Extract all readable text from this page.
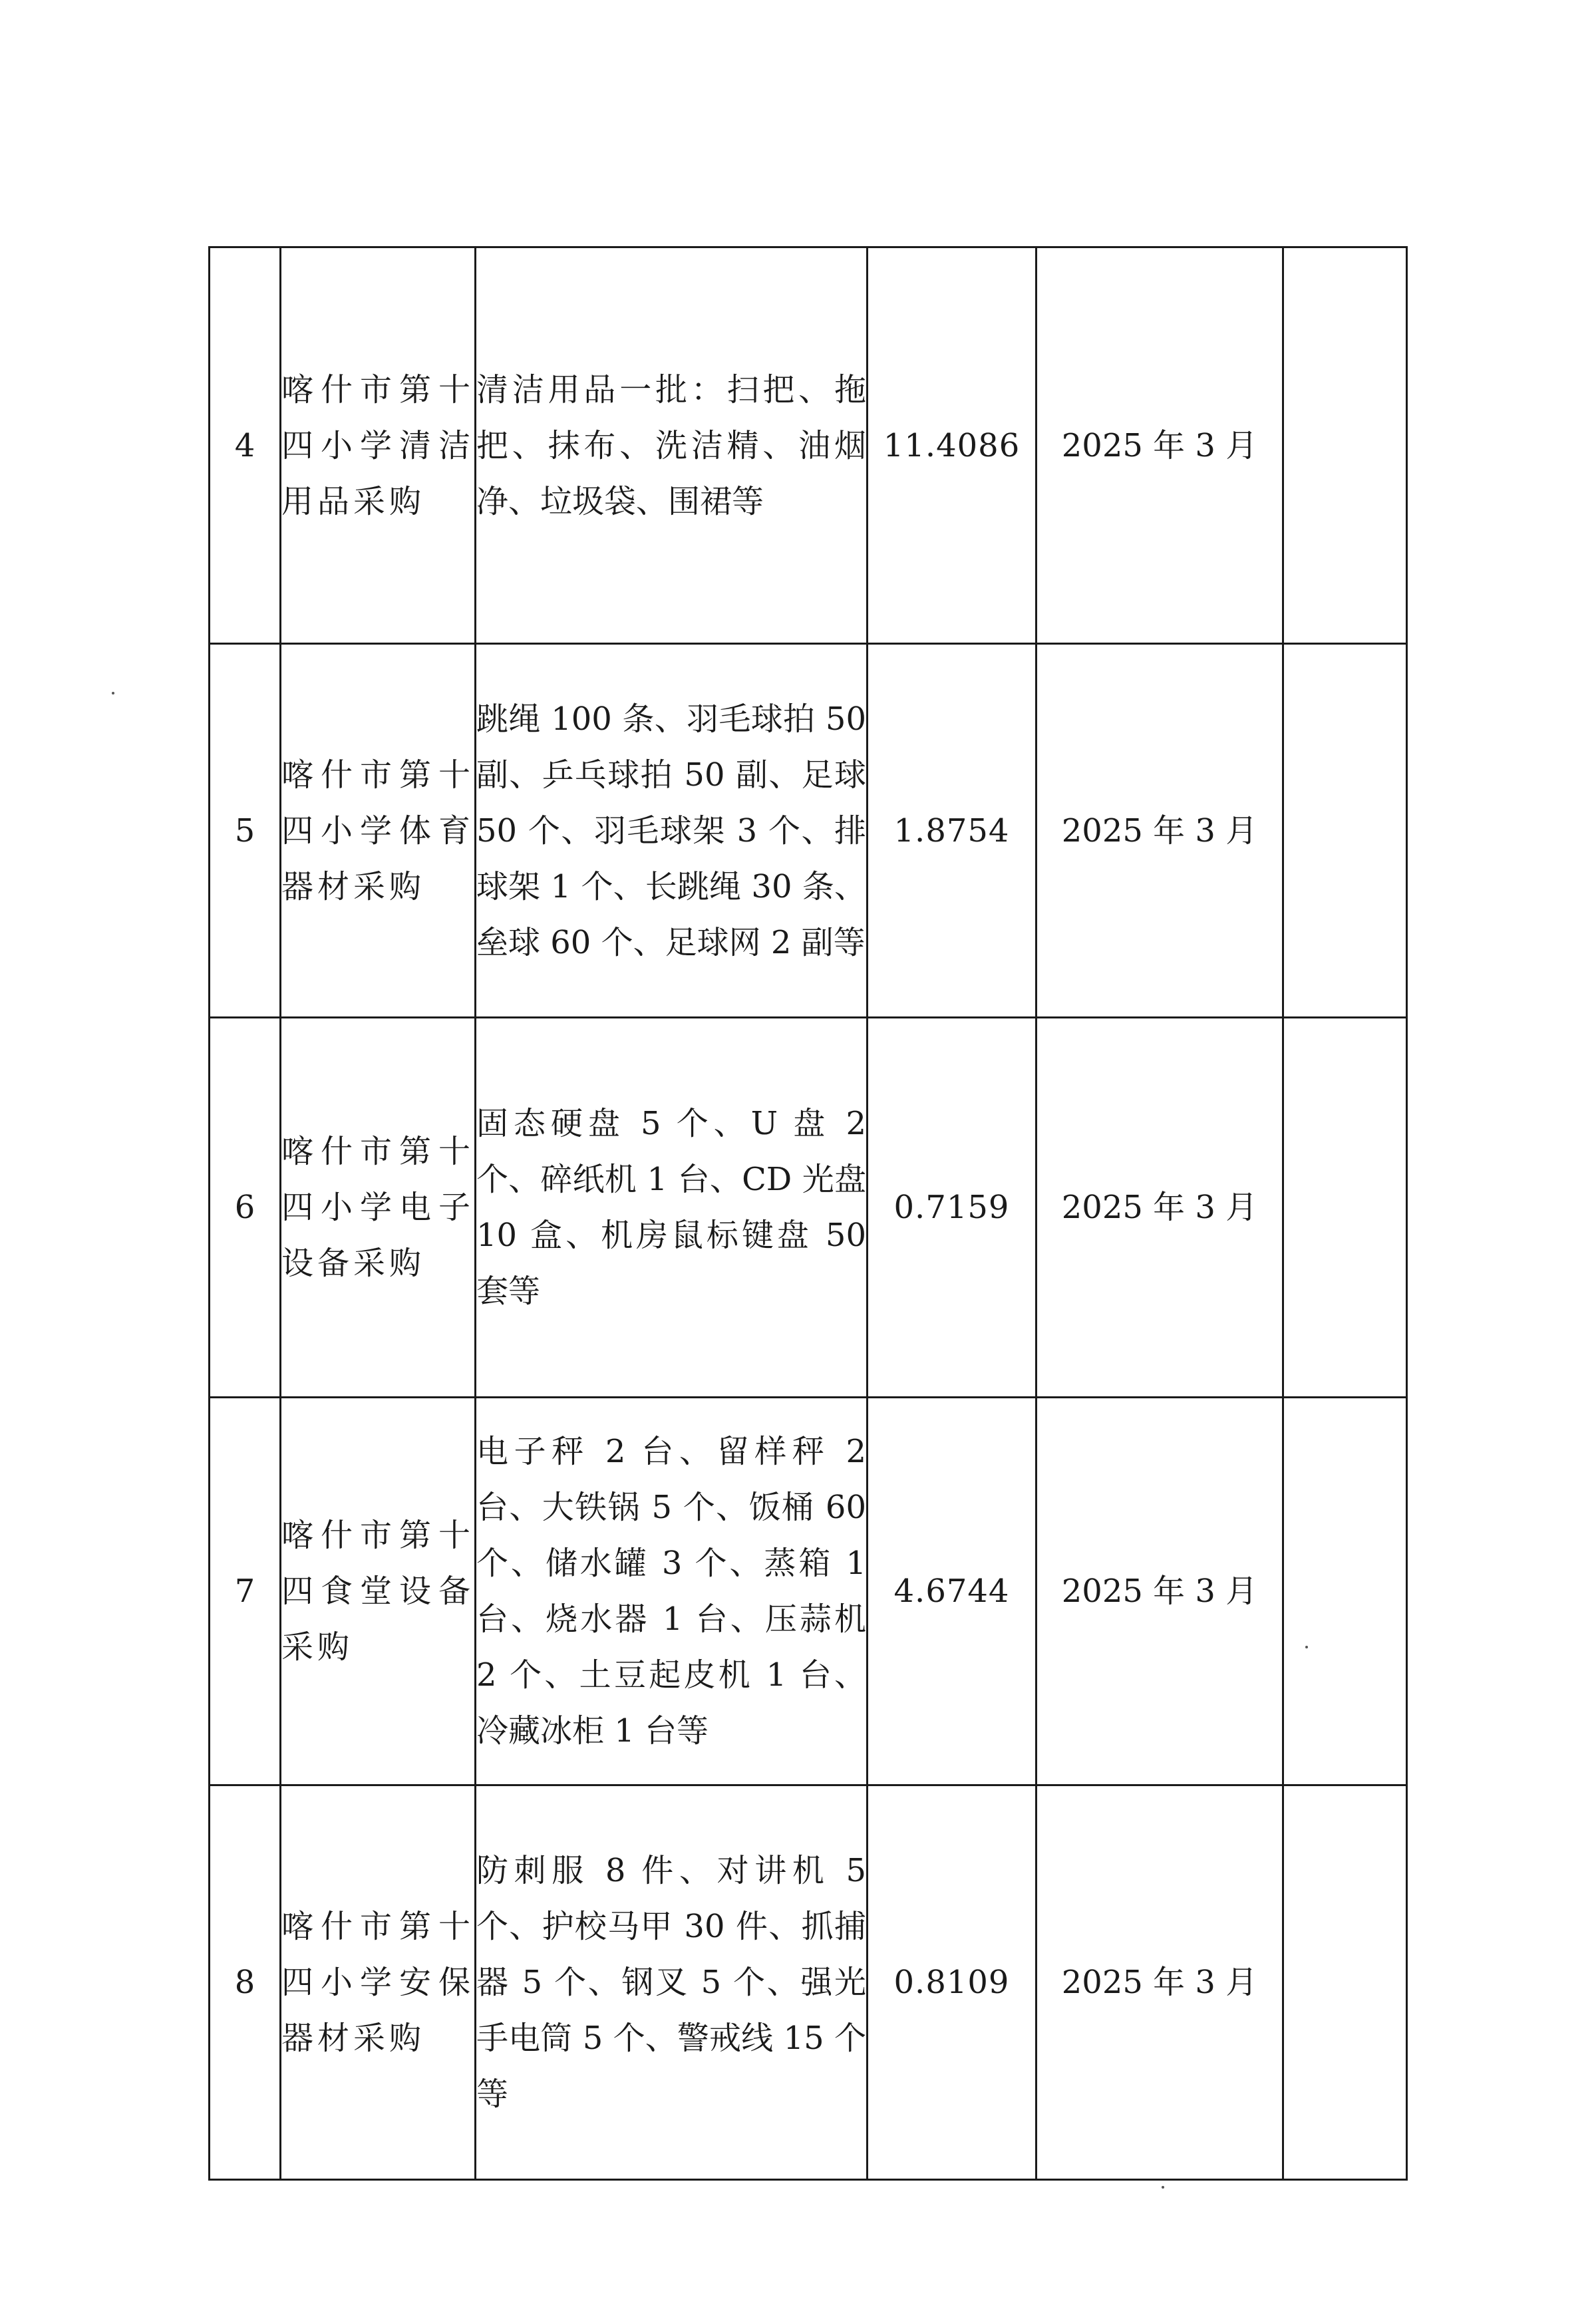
4	喀什市第十四小学清洁用品采购	清洁用品一批：扫把、拖把、抹布、洗洁精、油烟净、垃圾袋、围裙等	11.4086	2025 年 3 月	
5	喀什市第十四小学体育器材采购	跳绳 100 条、羽毛球拍 50 副、乒乓球拍 50 副、足球 50 个、羽毛球架 3 个、排球架 1 个、长跳绳 30 条、垒球 60 个、足球网 2 副等	1.8754	2025 年 3 月	
6	喀什市第十四小学电子设备采购	固态硬盘 5 个、U 盘 2 个、碎纸机 1 台、CD 光盘 10 盒、机房鼠标键盘 50 套等	0.7159	2025 年 3 月	
7	喀什市第十四食堂设备采购	电子秤 2 台、留样秤 2 台、大铁锅 5 个、饭桶 60 个、储水罐 3 个、蒸箱 1 台、烧水器 1 台、压蒜机 2 个、土豆起皮机 1 台、冷藏冰柜 1 台等	4.6744	2025 年 3 月	
8	喀什市第十四小学安保器材采购	防刺服 8 件、对讲机 5 个、护校马甲 30 件、抓捕器 5 个、钢叉 5 个、强光手电筒 5 个、警戒线 15 个等	0.8109	2025 年 3 月	
